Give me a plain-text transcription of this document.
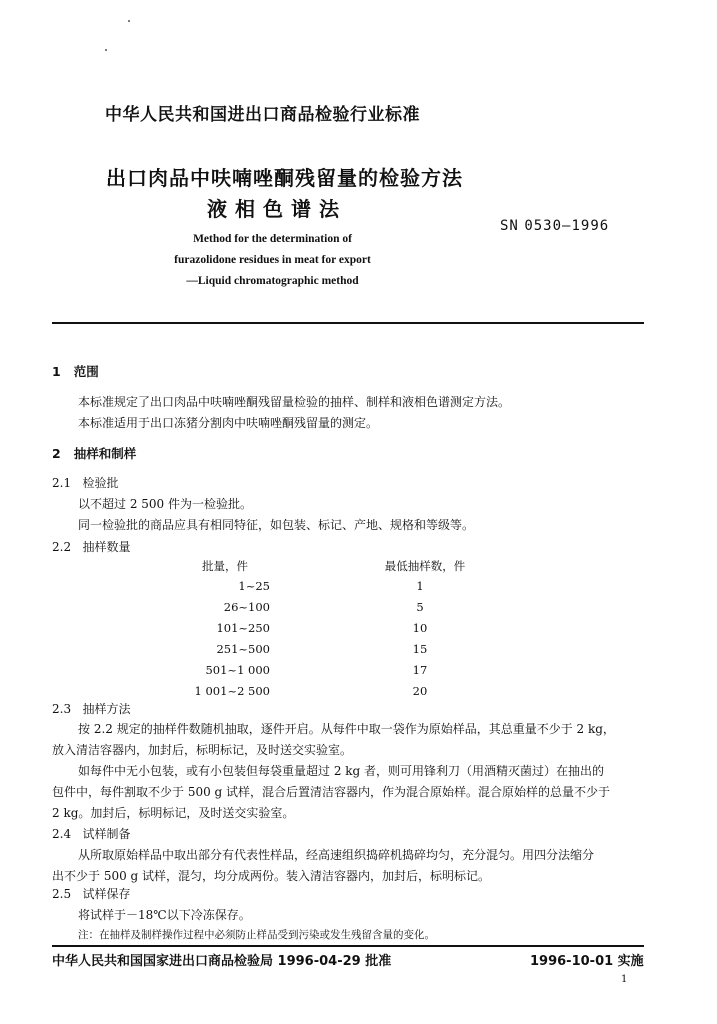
中华人民共和国进出口商品检验行业标准
出口肉品中呋喃唑酮残留量的检验方法
液相色谱法
SN 0530—1996
Method for the determination of
furazolidone residues in meat for export
—Liquid chromatographic method
1 范围
本标准规定了出口肉品中呋喃唑酮残留量检验的抽样、制样和液相色谱测定方法。
本标准适用于出口冻猪分割肉中呋喃唑酮残留量的测定。
2 抽样和制样
2.1 检验批
以不超过 2 500 件为一检验批。
同一检验批的商品应具有相同特征，如包装、标记、产地、规格和等级等。
2.2 抽样数量
批量，件	最低抽样数，件
1~25	1
26~100	5
101~250	10
251~500	15
501~1 000	17
1 001~2 500	20
2.3 抽样方法
按 2.2 规定的抽样件数随机抽取，逐件开启。从每件中取一袋作为原始样品，其总重量不少于 2 kg，
放入清洁容器内，加封后，标明标记，及时送交实验室。
如每件中无小包装，或有小包装但每袋重量超过 2 kg 者，则可用锋利刀（用酒精灭菌过）在抽出的
包件中，每件割取不少于 500 g 试样，混合后置清洁容器内，作为混合原始样。混合原始样的总量不少于
2 kg。加封后，标明标记，及时送交实验室。
2.4 试样制备
从所取原始样品中取出部分有代表性样品，经高速组织捣碎机捣碎均匀，充分混匀。用四分法缩分
出不少于 500 g 试样，混匀，均分成两份。装入清洁容器内，加封后，标明标记。
2.5 试样保存
将试样于－18℃以下冷冻保存。
注：在抽样及制样操作过程中必须防止样品受到污染或发生残留含量的变化。
中华人民共和国国家进出口商品检验局 1996-04-29 批准	1996-10-01 实施
1
